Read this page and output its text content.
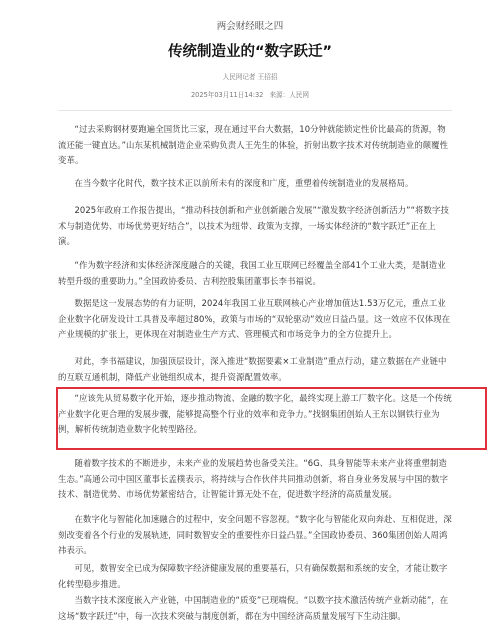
两会财经眼之四
传统制造业的“数字跃迁”
人民网记者 王招招
2025年03月11日14:32 来源：人民网

“过去采购钢材要跑遍全国货比三家，现在通过平台大数据，10分钟就能锁定性价比最高的货源，物流还能一键直达。”山东某机械制造企业采购负责人王先生的体验，折射出数字技术对传统制造业的颠覆性变革。

在当今数字化时代，数字技术正以前所未有的深度和广度，重塑着传统制造业的发展格局。

2025年政府工作报告提出，“推动科技创新和产业创新融合发展”“激发数字经济创新活力”“将数字技术与制造优势、市场优势更好结合”，以技术为纽带、政策为支撑，一场实体经济的“数字跃迁”正在上演。

“作为数字经济和实体经济深度融合的关键，我国工业互联网已经覆盖全部41个工业大类，是制造业转型升级的重要助力。”全国政协委员、吉利控股集团董事长李书福说。

数据是这一发展态势的有力证明，2024年我国工业互联网核心产业增加值达1.53万亿元，重点工业企业数字化研发设计工具普及率超过80%，政策与市场的“双轮驱动”效应日益凸显。这一效应不仅体现在产业规模的扩张上，更体现在对制造业生产方式、管理模式和市场竞争力的全方位提升上。

对此，李书福建议，加强顶层设计，深入推进“数据要素×工业制造”重点行动，建立数据在产业链中的互联互通机制，降低产业链组织成本，提升资源配置效率。

“应该先从贸易数字化开始，逐步推动物流、金融的数字化，最终实现上游工厂数字化。这是一个传统产业数字化更合理的发展步骤，能够提高整个行业的效率和竞争力。”找钢集团创始人王东以钢铁行业为例，解析传统制造业数字化转型路径。

随着数字技术的不断进步，未来产业的发展趋势也备受关注。“6G、具身智能等未来产业将重塑制造生态。”高通公司中国区董事长孟樸表示，将持续与合作伙伴共同推动创新，将自身业务发展与中国的数字技术、制造优势、市场优势紧密结合，让智能计算无处不在，促进数字经济的高质量发展。

在数字化与智能化加速融合的过程中，安全问题不容忽视。“数字化与智能化双向奔赴、互相促进，深刻改变着各个行业的发展轨迹，同时数智安全的重要性亦日益凸显。”全国政协委员、360集团创始人周鸿祎表示。

可见，数智安全已成为保障数字经济健康发展的重要基石，只有确保数据和系统的安全，才能让数字化转型稳步推进。

当数字技术深度嵌入产业链，中国制造业的“质变”已现端倪。“以数字技术激活传统产业新动能”，在这场“数字跃迁”中，每一次技术突破与制度创新，都在为中国经济高质量发展写下生动注脚。
